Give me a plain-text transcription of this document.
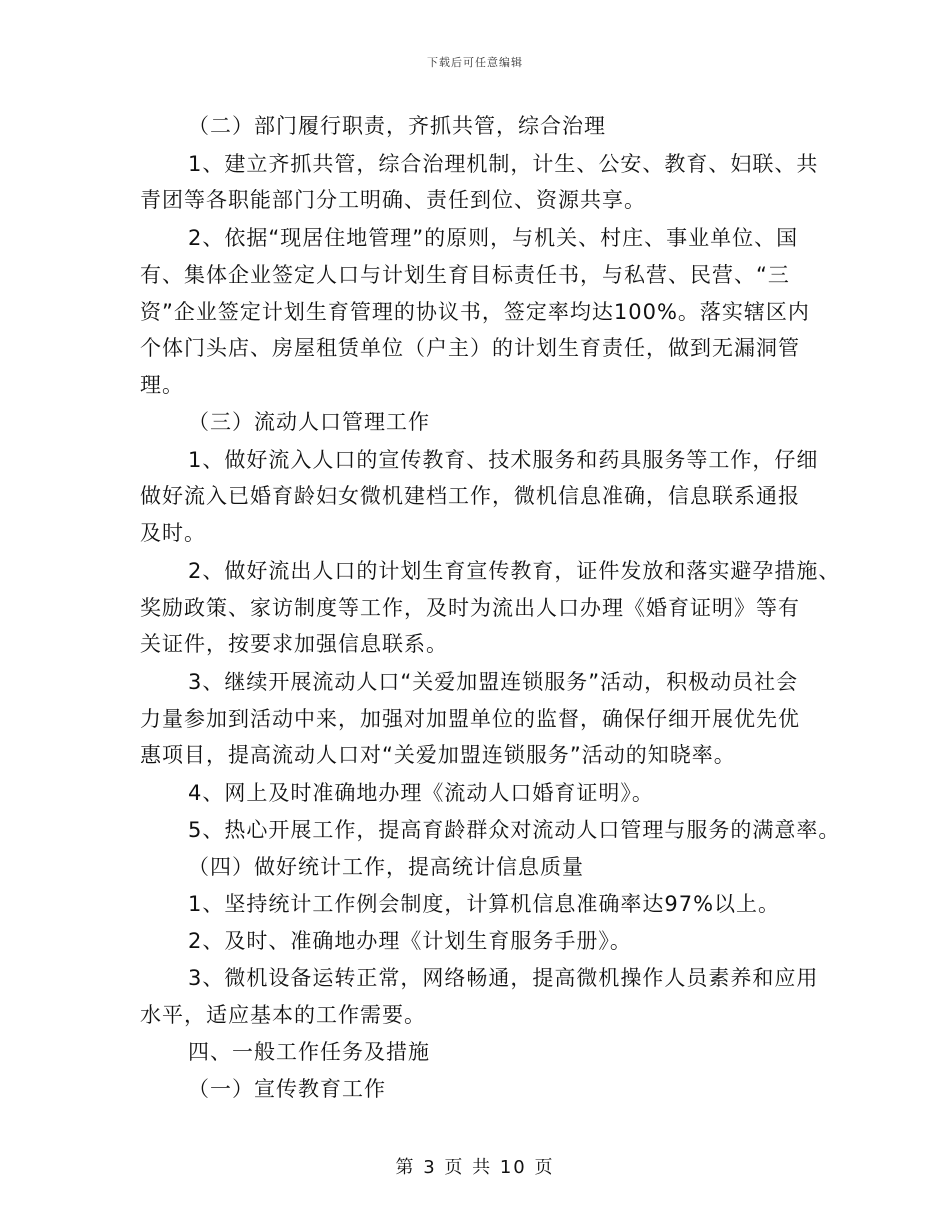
下载后可任意编辑
（二）部门履行职责，齐抓共管，综合治理
1、建立齐抓共管，综合治理机制，计生、公安、教育、妇联、共
青团等各职能部门分工明确、责任到位、资源共享。
2、依据“现居住地管理”的原则，与机关、村庄、事业单位、国
有、集体企业签定人口与计划生育目标责任书，与私营、民营、“三
资”企业签定计划生育管理的协议书，签定率均达100%。落实辖区内
个体门头店、房屋租赁单位（户主）的计划生育责任，做到无漏洞管
理。
（三）流动人口管理工作
1、做好流入人口的宣传教育、技术服务和药具服务等工作，仔细
做好流入已婚育龄妇女微机建档工作，微机信息准确，信息联系通报
及时。
2、做好流出人口的计划生育宣传教育，证件发放和落实避孕措施、
奖励政策、家访制度等工作，及时为流出人口办理《婚育证明》等有
关证件，按要求加强信息联系。
3、继续开展流动人口“关爱加盟连锁服务”活动，积极动员社会
力量参加到活动中来，加强对加盟单位的监督，确保仔细开展优先优
惠项目，提高流动人口对“关爱加盟连锁服务”活动的知晓率。
4、网上及时准确地办理《流动人口婚育证明》。
5、热心开展工作，提高育龄群众对流动人口管理与服务的满意率。
（四）做好统计工作，提高统计信息质量
1、坚持统计工作例会制度，计算机信息准确率达97%以上。
2、及时、准确地办理《计划生育服务手册》。
3、微机设备运转正常，网络畅通，提高微机操作人员素养和应用
水平，适应基本的工作需要。
四、一般工作任务及措施
（一）宣传教育工作
第 3 页 共 10 页
